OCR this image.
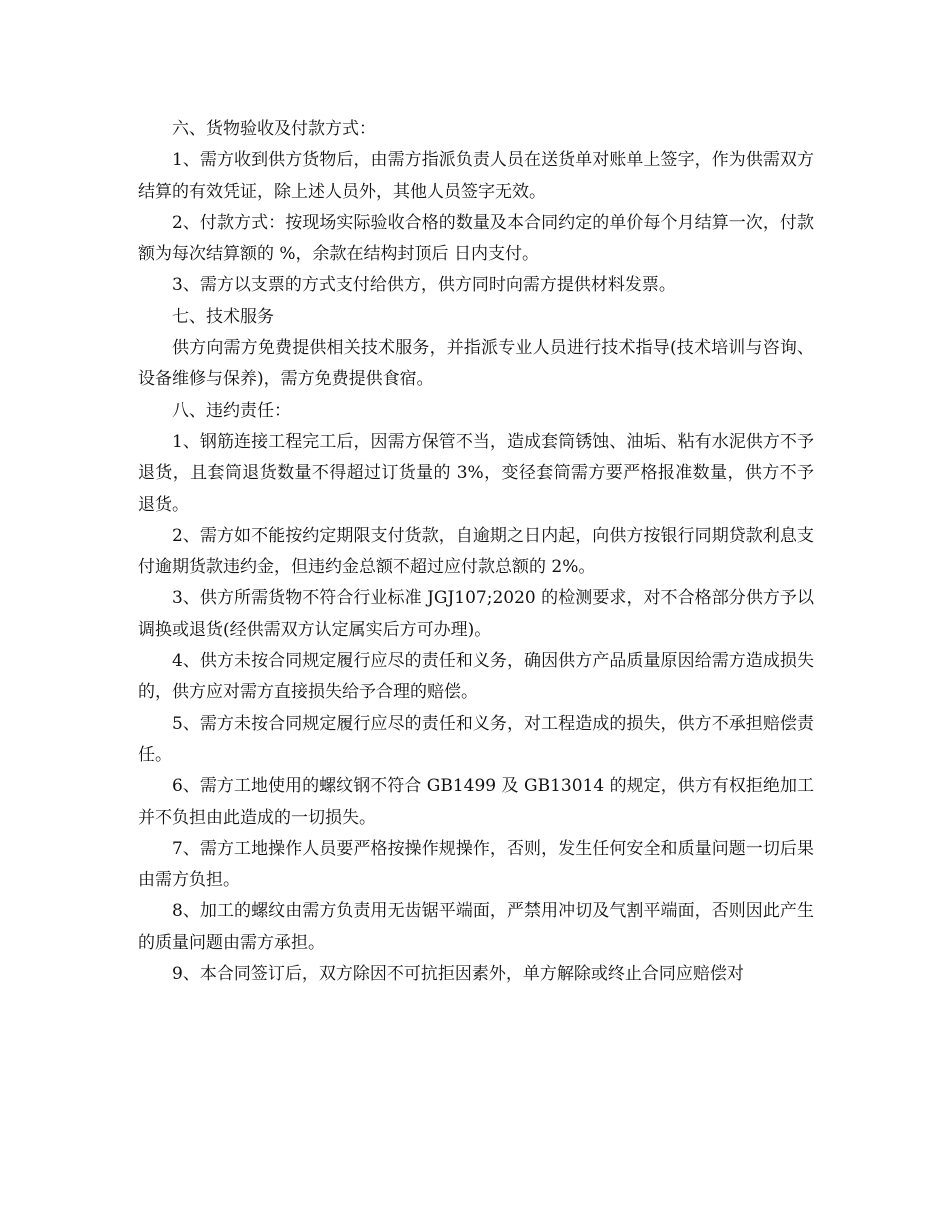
六、货物验收及付款方式：

1、需方收到供方货物后，由需方指派负责人员在送货单对账单上签字，作为供需双方结算的有效凭证，除上述人员外，其他人员签字无效。

2、付款方式：按现场实际验收合格的数量及本合同约定的单价每个月结算一次，付款额为每次结算额的 %，余款在结构封顶后 日内支付。

3、需方以支票的方式支付给供方，供方同时向需方提供材料发票。

七、技术服务

供方向需方免费提供相关技术服务，并指派专业人员进行技术指导(技术培训与咨询、设备维修与保养)，需方免费提供食宿。

八、违约责任：

1、钢筋连接工程完工后，因需方保管不当，造成套筒锈蚀、油垢、粘有水泥供方不予退货，且套筒退货数量不得超过订货量的 3%，变径套筒需方要严格报准数量，供方不予退货。

2、需方如不能按约定期限支付货款，自逾期之日内起，向供方按银行同期贷款利息支付逾期货款违约金，但违约金总额不超过应付款总额的 2%。

3、供方所需货物不符合行业标准 JGJ107;2020 的检测要求，对不合格部分供方予以调换或退货(经供需双方认定属实后方可办理)。

4、供方未按合同规定履行应尽的责任和义务，确因供方产品质量原因给需方造成损失的，供方应对需方直接损失给予合理的赔偿。

5、需方未按合同规定履行应尽的责任和义务，对工程造成的损失，供方不承担赔偿责任。

6、需方工地使用的螺纹钢不符合 GB1499 及 GB13014 的规定，供方有权拒绝加工并不负担由此造成的一切损失。

7、需方工地操作人员要严格按操作规操作，否则，发生任何安全和质量问题一切后果由需方负担。

8、加工的螺纹由需方负责用无齿锯平端面，严禁用冲切及气割平端面，否则因此产生的质量问题由需方承担。

9、本合同签订后，双方除因不可抗拒因素外，单方解除或终止合同应赔偿对
